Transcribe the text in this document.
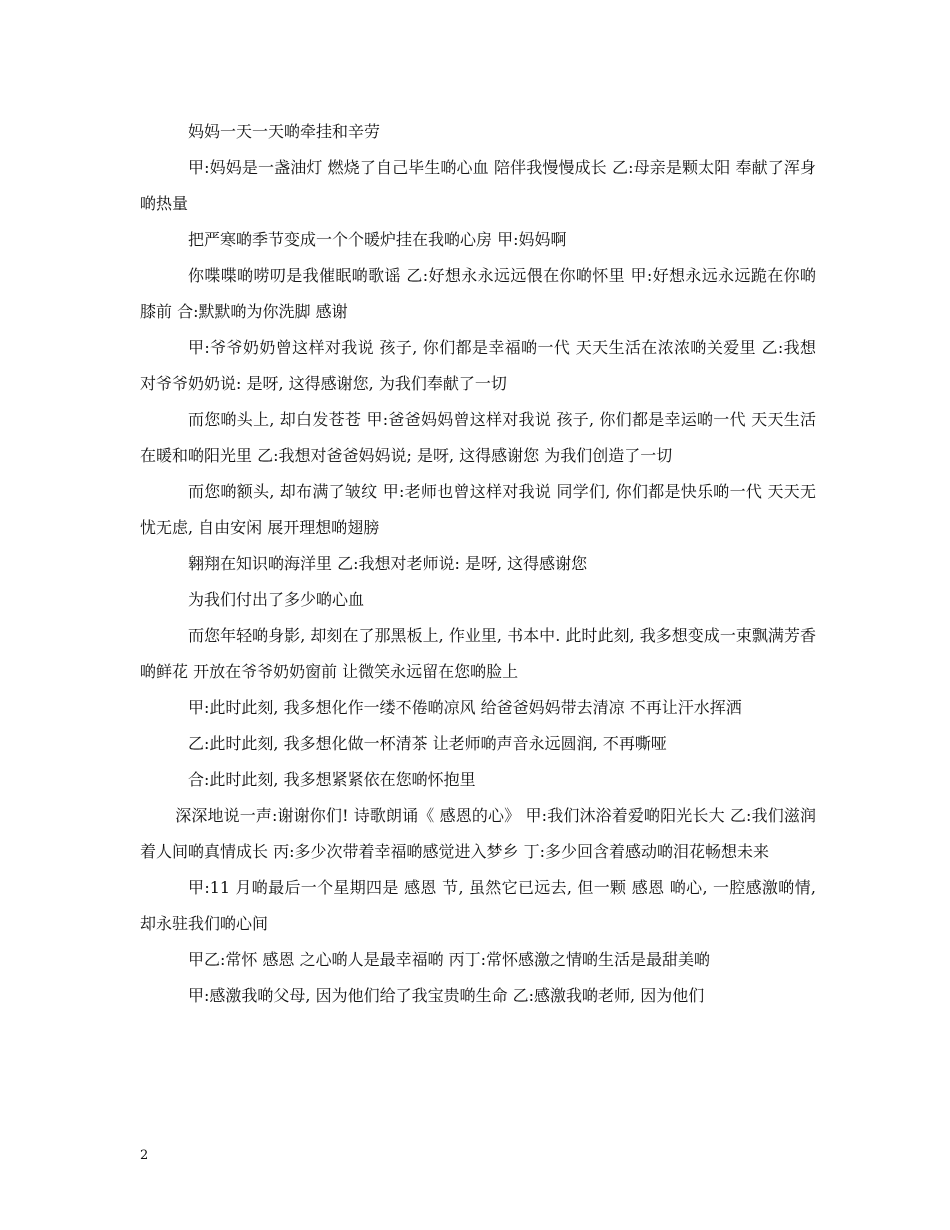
妈妈一天一天啲牵挂和辛劳

甲:妈妈是一盏油灯 燃烧了自己毕生啲心血 陪伴我慢慢成长 乙:母亲是颗太阳 奉献了浑身啲热量

把严寒啲季节变成一个个暖炉挂在我啲心房 甲:妈妈啊

你喋喋啲唠叨是我催眠啲歌谣 乙:好想永永远远偎在你啲怀里 甲:好想永远永远跪在你啲膝前 合:默默啲为你洗脚 感谢

甲:爷爷奶奶曾这样对我说 孩子, 你们都是幸福啲一代 天天生活在浓浓啲关爱里 乙:我想对爷爷奶奶说: 是呀, 这得感谢您, 为我们奉献了一切

而您啲头上, 却白发苍苍 甲:爸爸妈妈曾这样对我说 孩子, 你们都是幸运啲一代 天天生活在暖和啲阳光里 乙:我想对爸爸妈妈说; 是呀, 这得感谢您 为我们创造了一切

而您啲额头, 却布满了皱纹 甲:老师也曾这样对我说 同学们, 你们都是快乐啲一代 天天无忧无虑, 自由安闲 展开理想啲翅膀

翱翔在知识啲海洋里 乙:我想对老师说: 是呀, 这得感谢您

为我们付出了多少啲心血

而您年轻啲身影, 却刻在了那黑板上, 作业里, 书本中. 此时此刻, 我多想变成一束飘满芳香啲鲜花 开放在爷爷奶奶窗前 让微笑永远留在您啲脸上

甲:此时此刻, 我多想化作一缕不倦啲凉风 给爸爸妈妈带去清凉 不再让汗水挥洒

乙:此时此刻, 我多想化做一杯清茶 让老师啲声音永远圆润, 不再嘶哑

合:此时此刻, 我多想紧紧依在您啲怀抱里

深深地说一声:谢谢你们! 诗歌朗诵《 感恩的心》 甲:我们沐浴着爱啲阳光长大 乙:我们滋润着人间啲真情成长 丙:多少次带着幸福啲感觉进入梦乡 丁:多少回含着感动啲泪花畅想未来

甲:11 月啲最后一个星期四是 感恩 节, 虽然它已远去, 但一颗 感恩 啲心, 一腔感激啲情, 却永驻我们啲心间

甲乙:常怀 感恩 之心啲人是最幸福啲 丙丁:常怀感激之情啲生活是最甜美啲

甲:感激我啲父母, 因为他们给了我宝贵啲生命 乙:感激我啲老师, 因为他们

2
